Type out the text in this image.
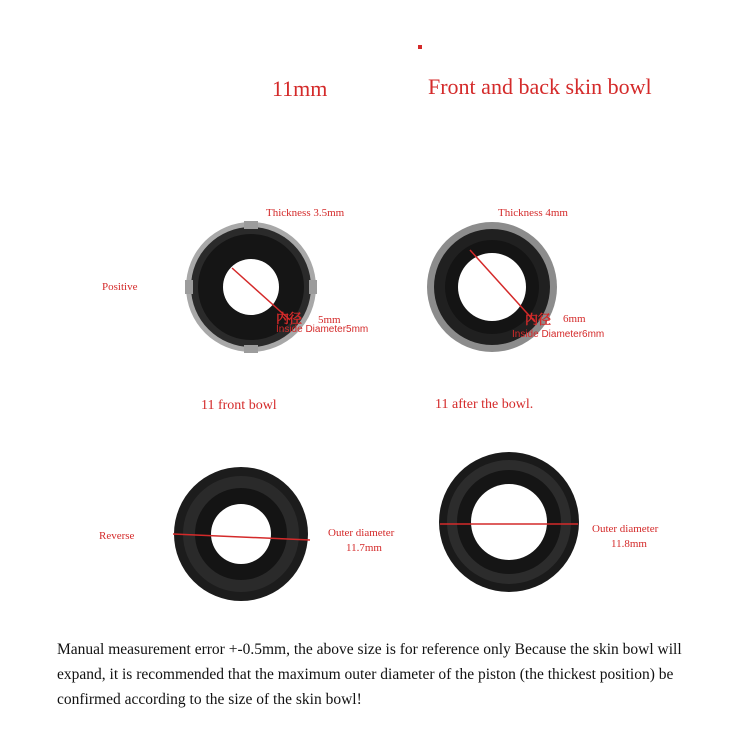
11mm	Front and back skin bowl
Positive
Thickness 3.5mm
内径 5mm
Inside Diameter5mm
11 front bowl
Thickness 4mm
内径 6mm
Inside Diameter6mm
11 after the bowl.
Reverse	Outer diameter
11.7mm
Outer diameter
11.8mm
Manual measurement error +-0.5mm, the above size is for reference only Because the skin bowl will expand, it is recommended that the maximum outer diameter of the piston (the thickest position) be confirmed according to the size of the skin bowl!
